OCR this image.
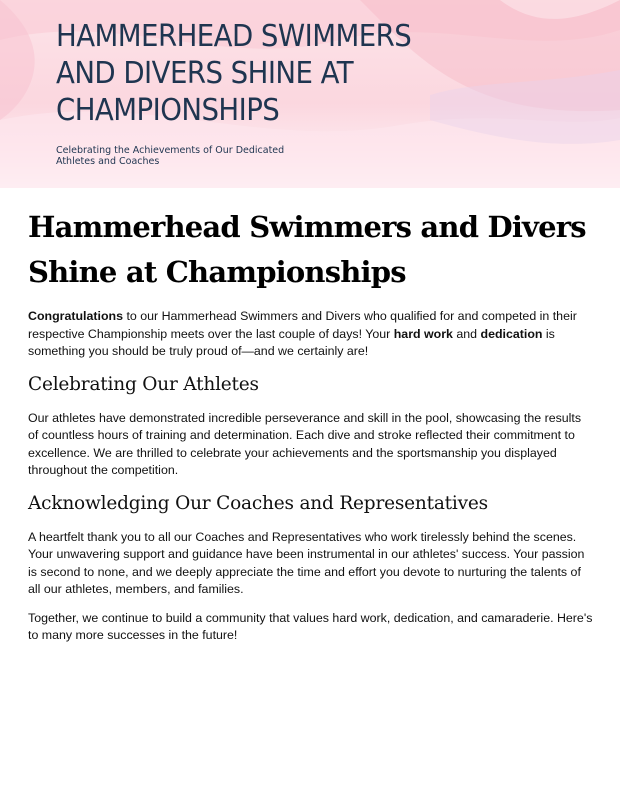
HAMMERHEAD SWIMMERS AND DIVERS SHINE AT CHAMPIONSHIPS

Celebrating the Achievements of Our Dedicated Athletes and Coaches

Hammerhead Swimmers and Divers Shine at Championships

Congratulations to our Hammerhead Swimmers and Divers who qualified for and competed in their respective Championship meets over the last couple of days! Your hard work and dedication is something you should be truly proud of—and we certainly are!

Celebrating Our Athletes

Our athletes have demonstrated incredible perseverance and skill in the pool, showcasing the results of countless hours of training and determination. Each dive and stroke reflected their commitment to excellence. We are thrilled to celebrate your achievements and the sportsmanship you displayed throughout the competition.

Acknowledging Our Coaches and Representatives

A heartfelt thank you to all our Coaches and Representatives who work tirelessly behind the scenes. Your unwavering support and guidance have been instrumental in our athletes' success. Your passion is second to none, and we deeply appreciate the time and effort you devote to nurturing the talents of all our athletes, members, and families.

Together, we continue to build a community that values hard work, dedication, and camaraderie. Here's to many more successes in the future!
